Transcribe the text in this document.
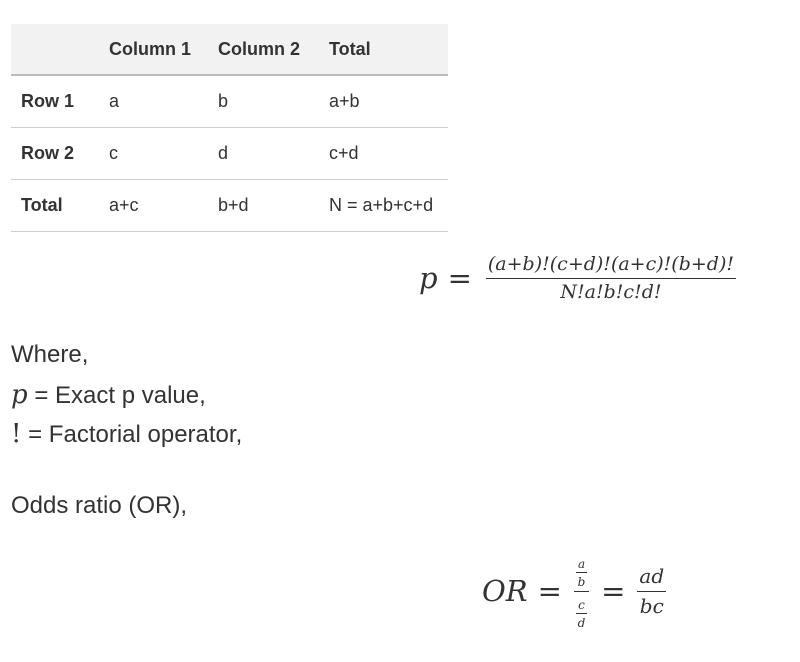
	Column 1	Column 2	Total
Row 1	a	b	a+b
Row 2	c	d	c+d
Total	a+c	b+d	N = a+b+c+d
$p = \frac{(a+b)!(c+d)!(a+c)!(b+d)!}{N!a!b!c!d!}$
Where,
p = Exact p value,
! = Factorial operator,
Odds ratio (OR),
OR = $\frac{\frac{a}{b}}{\frac{c}{d}} = \frac{ad}{bc}$
